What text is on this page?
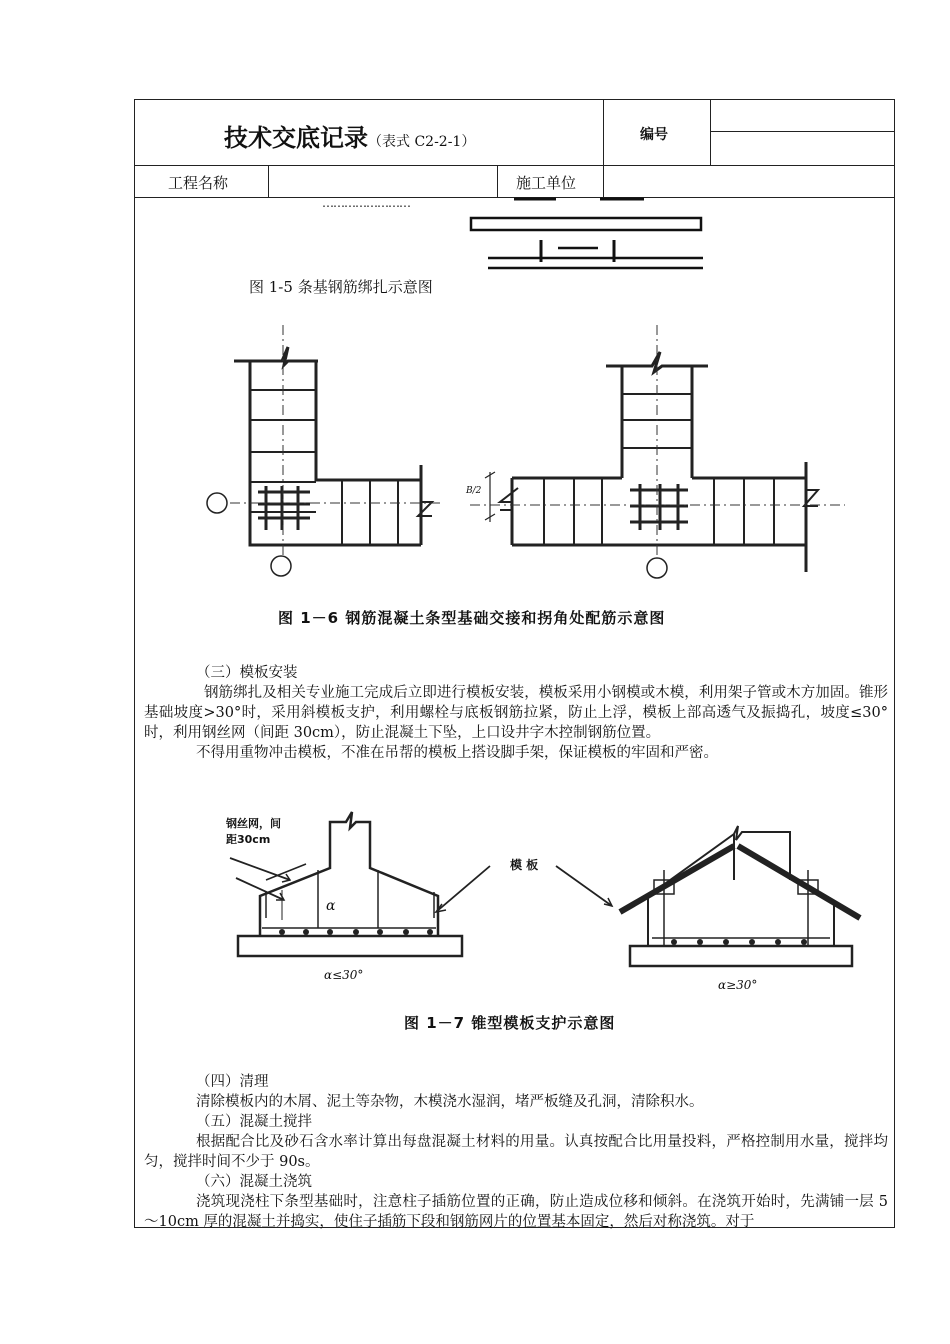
技术交底记录（表式 C2-2-1）	编号
工程名称	施工单位
……………………
图 1-5 条基钢筋绑扎示意图
B/2
图 1－6 钢筋混凝土条型基础交接和拐角处配筋示意图

（三）模板安装

钢筋绑扎及相关专业施工完成后立即进行模板安装，模板采用小钢模或木模，利用架子管或木方加固。锥形基础坡度>30°时，采用斜模板支护，利用螺栓与底板钢筋拉紧，防止上浮，模板上部高透气及振捣孔，坡度≤30°时，利用钢丝网（间距 30cm），防止混凝土下坠，上口设井字木控制钢筋位置。

不得用重物冲击模板，不准在吊帮的模板上搭设脚手架，保证模板的牢固和严密。

钢丝网，间
距30cm
模 板
α
α≤30°
α≥30°
图 1－7 锥型模板支护示意图

（四）清理

清除模板内的木屑、泥土等杂物，木模浇水湿润，堵严板缝及孔洞，清除积水。

（五）混凝土搅拌

根据配合比及砂石含水率计算出每盘混凝土材料的用量。认真按配合比用量投料，严格控制用水量，搅拌均匀，搅拌时间不少于 90s。

（六）混凝土浇筑

浇筑现浇柱下条型基础时，注意柱子插筋位置的正确，防止造成位移和倾斜。在浇筑开始时，先满铺一层 5～10cm 厚的混凝土并捣实，使住子插筋下段和钢筋网片的位置基本固定，然后对称浇筑。对于
